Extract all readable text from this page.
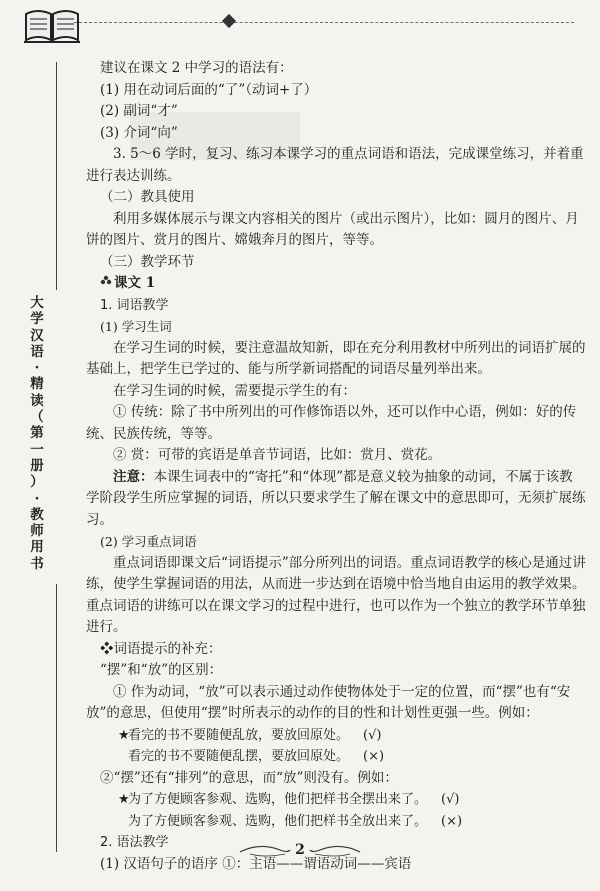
大
学
汉
语
·
精
读
（
第
一
册
）
·
教
师
用
书

建议在课文 2 中学习的语法有：

(1) 用在动词后面的“了”（动词+了）

(2) 副词“才”

(3) 介词“向”

3. 5～6 学时，复习、练习本课学习的重点词语和语法，完成课堂练习，并着重进行表达训练。

（二）教具使用

利用多媒体展示与课文内容相关的图片（或出示图片），比如：圆月的图片、月饼的图片、赏月的图片、嫦娥奔月的图片，等等。

（三）教学环节

课文 1

1. 词语教学

(1) 学习生词

在学习生词的时候，要注意温故知新，即在充分利用教材中所列出的词语扩展的基础上，把学生已学过的、能与所学新词搭配的词语尽量列举出来。

在学习生词的时候，需要提示学生的有：

① 传统：除了书中所列出的可作修饰语以外，还可以作中心语，例如：好的传统、民族传统，等等。

② 赏：可带的宾语是单音节词语，比如：赏月、赏花。

注意：本课生词表中的“寄托”和“体现”都是意义较为抽象的动词，不属于该教学阶段学生所应掌握的词语，所以只要求学生了解在课文中的意思即可，无须扩展练习。

(2) 学习重点词语

重点词语即课文后“词语提示”部分所列出的词语。重点词语教学的核心是通过讲练，使学生掌握词语的用法，从而进一步达到在语境中恰当地自由运用的教学效果。重点词语的讲练可以在课文学习的过程中进行，也可以作为一个独立的教学环节单独进行。

❖词语提示的补充：

“摆”和“放”的区别：

① 作为动词，“放”可以表示通过动作使物体处于一定的位置，而“摆”也有“安放”的意思，但使用“摆”时所表示的动作的目的性和计划性更强一些。例如：

★看完的书不要随便乱放，要放回原处。 (√)

看完的书不要随便乱摆，要放回原处。 (×)

②“摆”还有“排列”的意思，而“放”则没有。例如：

★为了方便顾客参观、选购，他们把样书全摆出来了。 (√)

为了方便顾客参观、选购，他们把样书全放出来了。 (×)

2. 语法教学

(1) 汉语句子的语序 ①：主语——谓语动词——宾语

2
